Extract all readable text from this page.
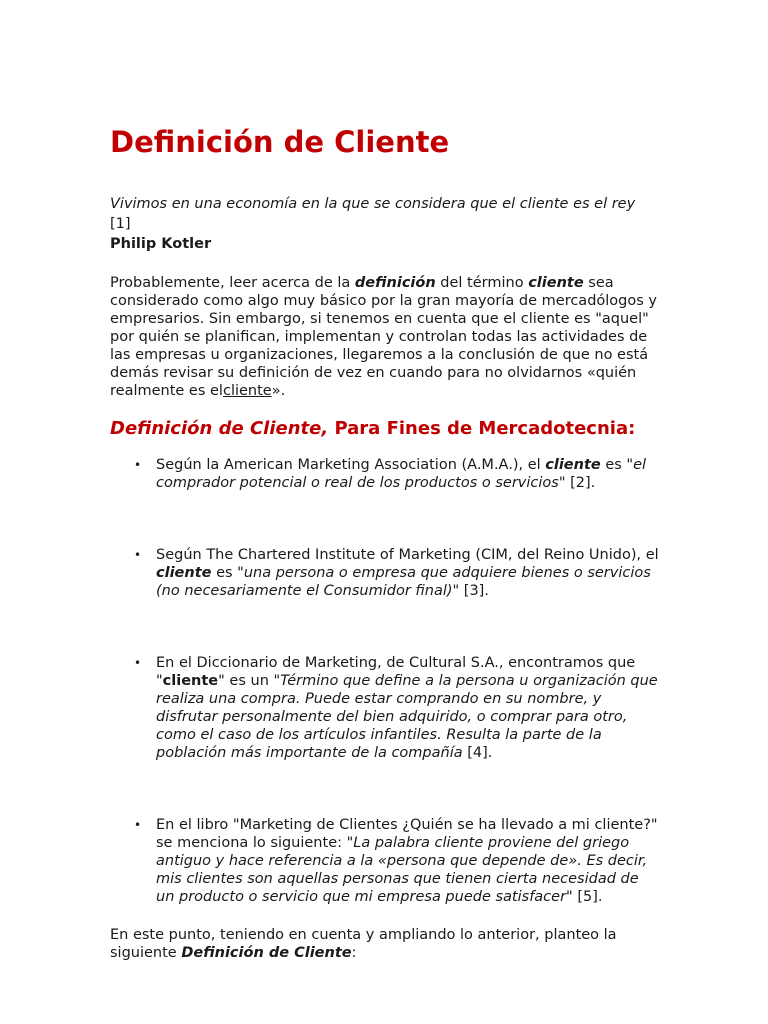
Definición de Cliente
Vivimos en una economía en la que se considera que el cliente es el rey [1]
Philip Kotler

Probablemente, leer acerca de la definición del término cliente sea considerado como algo muy básico por la gran mayoría de mercadólogos y empresarios. Sin embargo, si tenemos en cuenta que el cliente es "aquel" por quién se planifican, implementan y controlan todas las actividades de las empresas u organizaciones, llegaremos a la conclusión de que no está demás revisar su definición de vez en cuando para no olvidarnos «quién realmente es elcliente».

Definición de Cliente, Para Fines de Mercadotecnia:
• Según la American Marketing Association (A.M.A.), el cliente es "el comprador potencial o real de los productos o servicios" [2].
• Según The Chartered Institute of Marketing (CIM, del Reino Unido), el cliente es "una persona o empresa que adquiere bienes o servicios (no necesariamente el Consumidor final)" [3].
• En el Diccionario de Marketing, de Cultural S.A., encontramos que "cliente" es un "Término que define a la persona u organización que realiza una compra. Puede estar comprando en su nombre, y disfrutar personalmente del bien adquirido, o comprar para otro, como el caso de los artículos infantiles. Resulta la parte de la población más importante de la compañía [4].
• En el libro "Marketing de Clientes ¿Quién se ha llevado a mi cliente?" se menciona lo siguiente: "La palabra cliente proviene del griego antiguo y hace referencia a la «persona que depende de». Es decir, mis clientes son aquellas personas que tienen cierta necesidad de un producto o servicio que mi empresa puede satisfacer" [5].

En este punto, teniendo en cuenta y ampliando lo anterior, planteo la siguiente Definición de Cliente:
